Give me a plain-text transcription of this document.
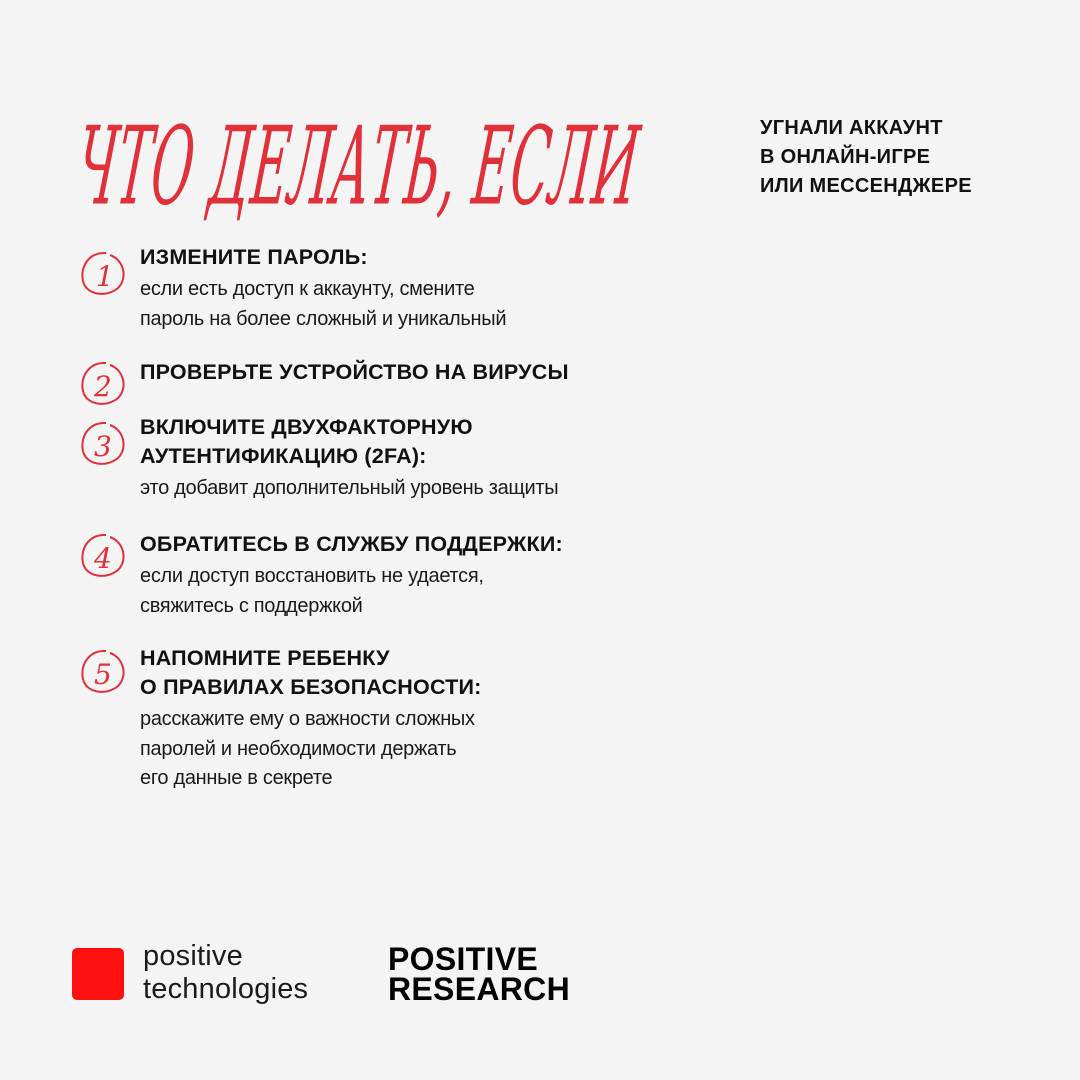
ЧТО ДЕЛАТЬ, ЕСЛИ	УГНАЛИ АККАУНТ
В ОНЛАЙН-ИГРЕ
ИЛИ МЕССЕНДЖЕРЕ
1
ИЗМЕНИТЕ ПАРОЛЬ:
если есть доступ к аккаунту, смените
пароль на более сложный и уникальный
2 ПРОВЕРЬТЕ УСТРОЙСТВО НА ВИРУСЫ
3
ВКЛЮЧИТЕ ДВУХФАКТОРНУЮ
АУТЕНТИФИКАЦИЮ (2FA):
это добавит дополнительный уровень защиты
4 ОБРАТИТЕСЬ В СЛУЖБУ ПОДДЕРЖКИ:
если доступ восстановить не удается,
свяжитесь с поддержкой
5 НАПОМНИТЕ РЕБЕНКУ
О ПРАВИЛАХ БЕЗОПАСНОСТИ:
расскажите ему о важности сложных
паролей и необходимости держать
его данные в секрете
positive
technologies
POSITIVE
RESEARCH
